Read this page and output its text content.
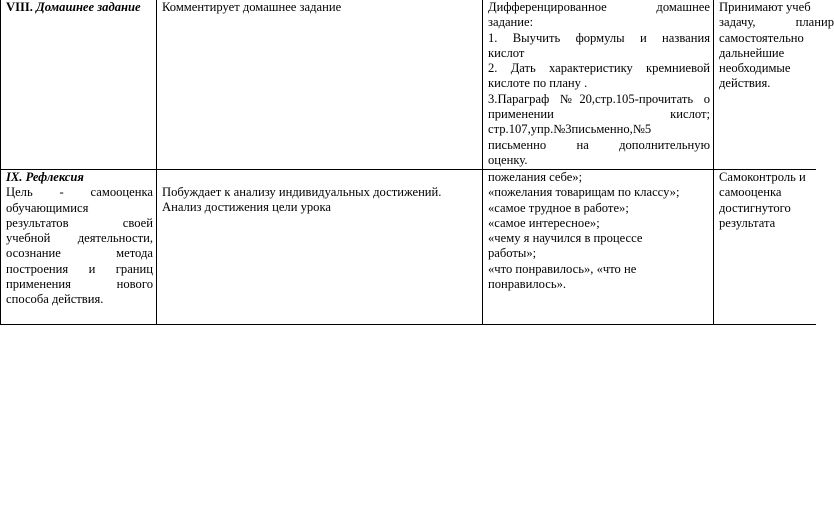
VIII. Домашнее задание	Комментирует домашнее задание	Дифференцированное домашнее
задание:
1. Выучить формулы и названия
кислот
2. Дать характеристику кремниевой
кислоте по плану .
3.Параграф №20,стр.105-прочитать о
применении кислот;
стр.107,упр.№3письменно,№5
письменно на дополнительную
оценку.
Принимают учеб
задачу, планир
самостоятельно
дальнейшие
необходимые
действия.
IX. Рефлексия
Цель - самооценка
обучающимися
результатов своей
учебной деятельности,
осознание метода
построения и границ
применения нового
способа действия.
Побуждает к анализу индивидуальных достижений.
Анализ достижения цели урока
пожелания себе»;
«пожелания товарищам по классу»;
«самое трудное в работе»;
«самое интересное»;
«чему я научился в процессе
работы»;
«что понравилось», «что не
понравилось».
Самоконтроль и
самооценка
достигнутого
результата
